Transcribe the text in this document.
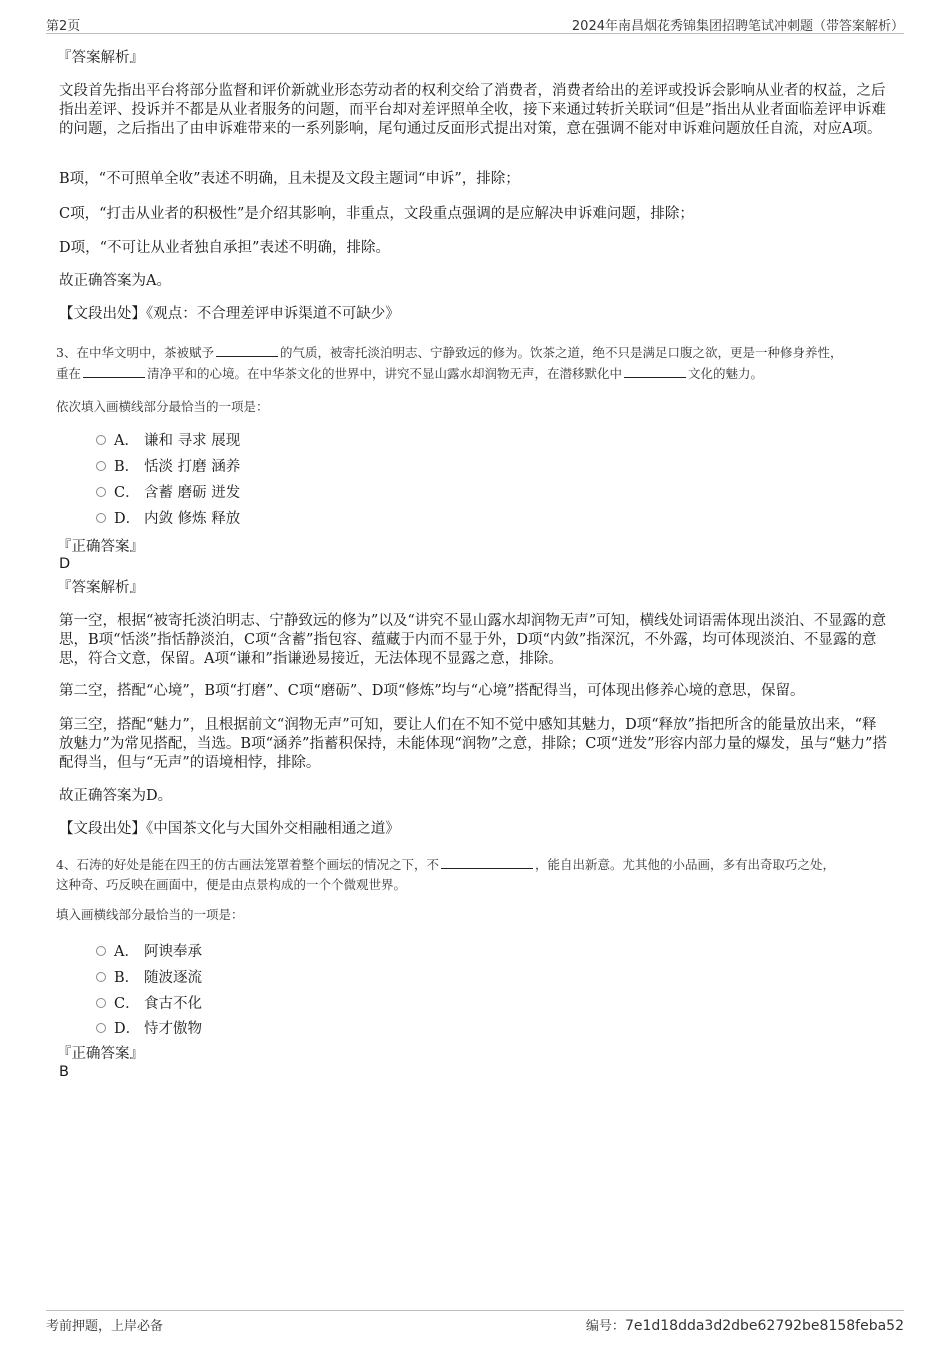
第2页	2024年南昌烟花秀锦集团招聘笔试冲刺题（带答案解析）
『答案解析』
文段首先指出平台将部分监督和评价新就业形态劳动者的权利交给了消费者，消费者给出的差评或投诉会影响从业者的权益，之后指出差评、投诉并不都是从业者服务的问题，而平台却对差评照单全收，接下来通过转折关联词“但是”指出从业者面临差评申诉难的问题，之后指出了由申诉难带来的一系列影响，尾句通过反面形式提出对策，意在强调不能对申诉难问题放任自流，对应A项。
B项，“不可照单全收”表述不明确，且未提及文段主题词“申诉”，排除；
C项，“打击从业者的积极性”是介绍其影响，非重点，文段重点强调的是应解决申诉难问题，排除；
D项，“不可让从业者独自承担”表述不明确，排除。
故正确答案为A。
【文段出处】《观点：不合理差评申诉渠道不可缺少》
3、在中华文明中，茶被赋予	的气质，被寄托淡泊明志、宁静致远的修为。饮茶之道，绝不只是满足口腹之欲，更是一种修身养性，
重在	清净平和的心境。在中华茶文化的世界中，讲究不显山露水却润物无声，在潜移默化中	文化的魅力。
依次填入画横线部分最恰当的一项是：
A． 谦和 寻求 展现
B． 恬淡 打磨 涵养
C． 含蓄 磨砺 迸发
D． 内敛 修炼 释放
『正确答案』
D
『答案解析』
第一空，根据“被寄托淡泊明志、宁静致远的修为”以及“讲究不显山露水却润物无声”可知，横线处词语需体现出淡泊、不显露的意思，B项“恬淡”指恬静淡泊，C项“含蓄”指包容、蕴藏于内而不显于外，D项“内敛”指深沉，不外露，均可体现淡泊、不显露的意思，符合文意，保留。A项“谦和”指谦逊易接近，无法体现不显露之意，排除。
第二空，搭配“心境”，B项“打磨”、C项“磨砺”、D项“修炼”均与“心境”搭配得当，可体现出修养心境的意思，保留。
第三空，搭配“魅力”，且根据前文“润物无声”可知，要让人们在不知不觉中感知其魅力，D项“释放”指把所含的能量放出来，“释放魅力”为常见搭配，当选。B项“涵养”指蓄积保持，未能体现“润物”之意，排除；C项“迸发”形容内部力量的爆发，虽与“魅力”搭配得当，但与“无声”的语境相悖，排除。
故正确答案为D。
【文段出处】《中国茶文化与大国外交相融相通之道》
4、石涛的好处是能在四王的仿古画法笼罩着整个画坛的情况之下，不	，能自出新意。尤其他的小品画，多有出奇取巧之处，
这种奇、巧反映在画面中，便是由点景构成的一个个微观世界。
填入画横线部分最恰当的一项是：
A． 阿谀奉承
B． 随波逐流
C． 食古不化
D． 恃才傲物
『正确答案』
B
考前押题，上岸必备	编号：7e1d18dda3d2dbe62792be8158feba52
